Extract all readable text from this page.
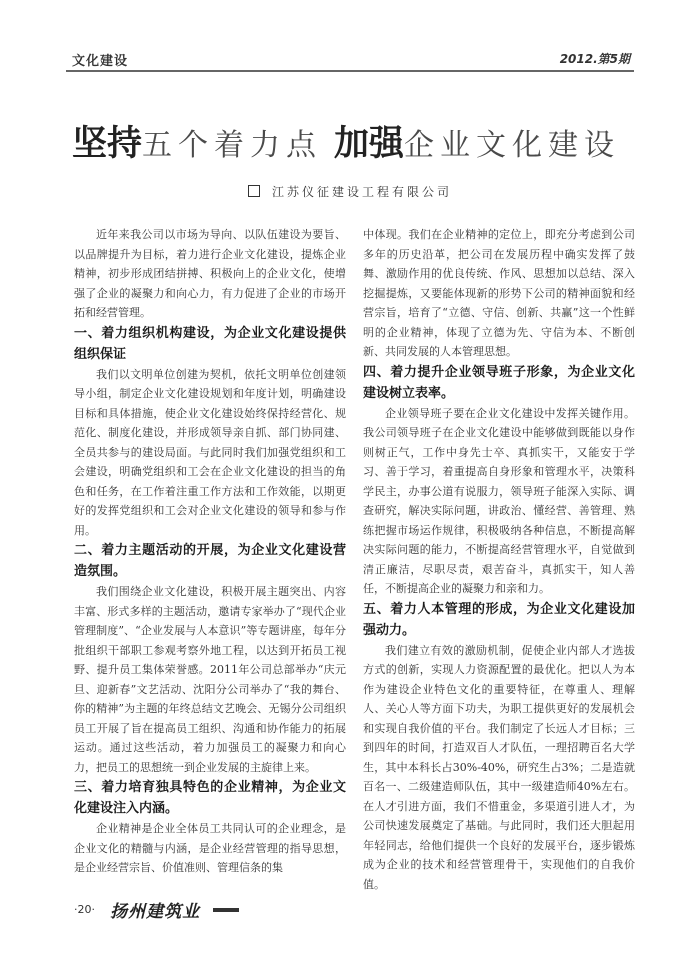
文化建设	2012.第5期
坚持五个着力点 加强企业文化建设
江苏仪征建设工程有限公司

近年来我公司以市场为导向、以队伍建设为要旨、以品牌提升为目标，着力进行企业文化建设，提炼企业精神，初步形成团结拼搏、积极向上的企业文化，使增强了企业的凝聚力和向心力，有力促进了企业的市场开拓和经营管理。

一、着力组织机构建设，为企业文化建设提供组织保证

我们以文明单位创建为契机，依托文明单位创建领导小组，制定企业文化建设规划和年度计划，明确建设目标和具体措施，使企业文化建设始终保持经营化、规范化、制度化建设，并形成领导亲自抓、部门协同建、全员共参与的建设局面。与此同时我们加强党组织和工会建设，明确党组织和工会在企业文化建设的担当的角色和任务，在工作着注重工作方法和工作效能，以期更好的发挥党组织和工会对企业文化建设的领导和参与作用。

二、着力主题活动的开展，为企业文化建设营造氛围。

我们围绕企业文化建设，积极开展主题突出、内容丰富、形式多样的主题活动，邀请专家举办了“现代企业管理制度”、“企业发展与人本意识”等专题讲座，每年分批组织干部职工参观考察外地工程，以达到开拓员工视野、提升员工集体荣誉感。2011年公司总部举办“庆元旦、迎新春”文艺活动、沈阳分公司举办了“我的舞台、你的精神”为主题的年终总结文艺晚会、无锡分公司组织员工开展了旨在提高员工组织、沟通和协作能力的拓展运动。通过这些活动，着力加强员工的凝聚力和向心力，把员工的思想统一到企业发展的主旋律上来。

三、着力培育独具特色的企业精神，为企业文化建设注入内涵。

企业精神是企业全体员工共同认可的企业理念，是企业文化的精髓与内涵，是企业经营管理的指导思想，是企业经营宗旨、价值准则、管理信条的集

中体现。我们在企业精神的定位上，即充分考虑到公司多年的历史沿革，把公司在发展历程中确实发挥了鼓舞、激励作用的优良传统、作风、思想加以总结、深入挖掘提炼，又要能体现新的形势下公司的精神面貌和经营宗旨，培育了“立德、守信、创新、共赢”这一个性鲜明的企业精神，体现了立德为先、守信为本、不断创新、共同发展的人本管理思想。

四、着力提升企业领导班子形象，为企业文化建设树立表率。

企业领导班子要在企业文化建设中发挥关键作用。我公司领导班子在企业文化建设中能够做到既能以身作则树正气，工作中身先士卒、真抓实干，又能安于学习、善于学习，着重提高自身形象和管理水平，决策科学民主，办事公道有说服力，领导班子能深入实际、调查研究，解决实际问题，讲政治、懂经营、善管理、熟练把握市场运作规律，积极吸纳各种信息，不断提高解决实际问题的能力，不断提高经营管理水平，自觉做到清正廉洁，尽职尽责，艰苦奋斗，真抓实干，知人善任，不断提高企业的凝聚力和亲和力。

五、着力人本管理的形成，为企业文化建设加强动力。

我们建立有效的激励机制，促使企业内部人才选拔方式的创新，实现人力资源配置的最优化。把以人为本作为建设企业特色文化的重要特征，在尊重人、理解人、关心人等方面下功夫，为职工提供更好的发展机会和实现自我价值的平台。我们制定了长远人才目标；三到四年的时间，打造双百人才队伍，一理招聘百名大学生，其中本科长占30%-40%，研究生占3%；二是造就百名一、二级建造师队伍，其中一级建造师40%左右。在人才引进方面，我们不惜重金，多渠道引进人才，为公司快速发展奠定了基础。与此同时，我们还大胆起用年轻同志，给他们提供一个良好的发展平台，逐步锻炼成为企业的技术和经营管理骨干，实现他们的自我价值。

·20· 扬州建筑业
